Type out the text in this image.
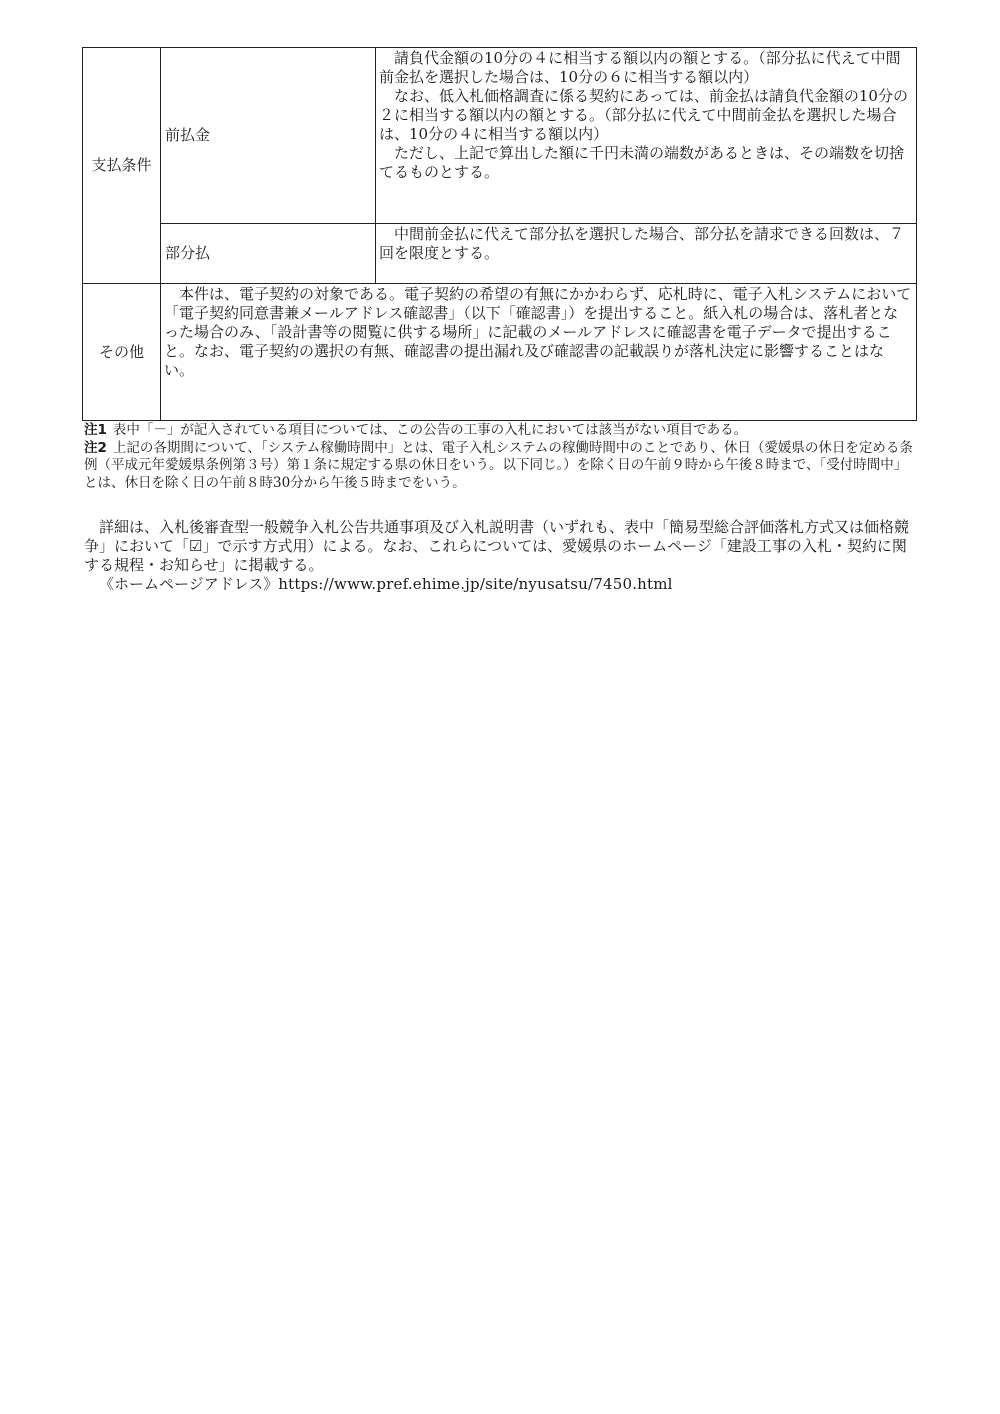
支払条件	前払金	請負代金額の10分の４に相当する額以内の額とする。（部分払に代えて中間前金払を選択した場合は、10分の６に相当する額以内）

なお、低入札価格調査に係る契約にあっては、前金払は請負代金額の10分の２に相当する額以内の額とする。（部分払に代えて中間前金払を選択した場合は、10分の４に相当する額以内）

ただし、上記で算出した額に千円未満の端数があるときは、その端数を切捨てるものとする。

	部分払	中間前金払に代えて部分払を選択した場合、部分払を請求できる回数は、７回を限度とする。

その他	本件は、電子契約の対象である。電子契約の希望の有無にかかわらず、応札時に、電子入札システムにおいて「電子契約同意書兼メールアドレス確認書」（以下「確認書」）を提出すること。紙入札の場合は、落札者となった場合のみ、「設計書等の閲覧に供する場所」に記載のメールアドレスに確認書を電子データで提出すること。なお、電子契約の選択の有無、確認書の提出漏れ及び確認書の記載誤りが落札決定に影響することはない。	

注1 表中「－」が記入されている項目については、この公告の工事の入札においては該当がない項目である。

注2 上記の各期間について、「システム稼働時間中」とは、電子入札システムの稼働時間中のことであり、休日（愛媛県の休日を定める条例（平成元年愛媛県条例第３号）第１条に規定する県の休日をいう。以下同じ。）を除く日の午前９時から午後８時まで、「受付時間中」とは、休日を除く日の午前８時30分から午後５時までをいう。

詳細は、入札後審査型一般競争入札公告共通事項及び入札説明書（いずれも、表中「簡易型総合評価落札方式又は価格競争」において「☑」で示す方式用）による。なお、これらについては、愛媛県のホームページ「建設工事の入札・契約に関する規程・お知らせ」に掲載する。

《ホームページアドレス》https://www.pref.ehime.jp/site/nyusatsu/7450.html
